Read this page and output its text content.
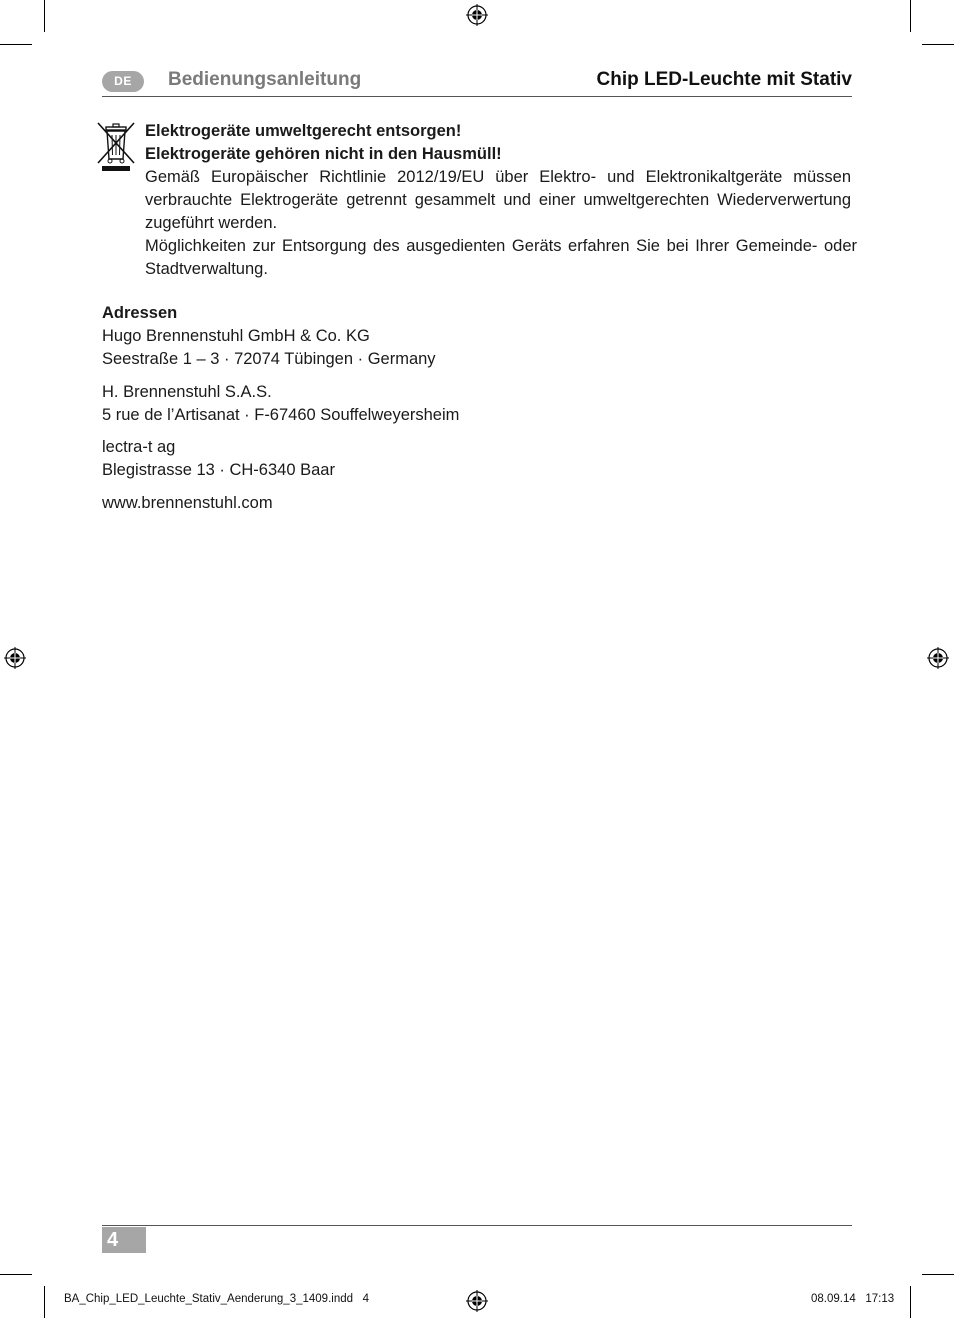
DE	Bedienungsanleitung	Chip LED-Leuchte mit Stativ
Elektrogeräte umweltgerecht entsorgen!
Elektrogeräte gehören nicht in den Hausmüll!
Gemäß Europäischer Richtlinie 2012/19/EU über Elektro- und Elektronikaltgeräte müssen verbrauchte Elektrogeräte getrennt gesammelt und einer umweltgerechten Wiederverwertung zugeführt werden.
Möglichkeiten zur Entsorgung des ausgedienten Geräts erfahren Sie bei Ihrer Gemeinde- oder Stadtverwaltung.
Adressen
Hugo Brennenstuhl GmbH & Co. KG
Seestraße 1 – 3 · 72074 Tübingen · Germany
H. Brennenstuhl S.A.S.
5 rue de l’Artisanat · F-67460 Souffelweyersheim
lectra-t ag
Blegistrasse 13 · CH-6340 Baar
www.brennenstuhl.com
4
BA_Chip_LED_Leuchte_Stativ_Aenderung_3_1409.indd   4	08.09.14   17:13
